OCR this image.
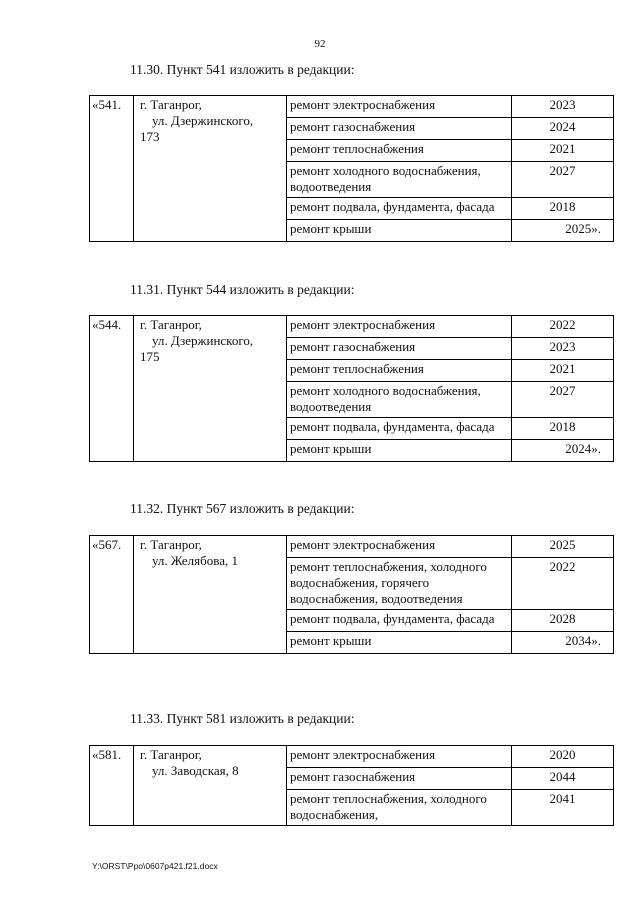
92
11.30. Пункт 541 изложить в редакции:
«541.	г. Таганрог,
ул. Дзержинского,
173	ремонт электроснабжения	2023
		ремонт газоснабжения	2024
		ремонт теплоснабжения	2021
		ремонт холодного водоснабжения, водоотведения	2027
		ремонт подвала, фундамента, фасада	2018
		ремонт крыши	2025».
11.31. Пункт 544 изложить в редакции:
«544.	г. Таганрог,
ул. Дзержинского,
175	ремонт электроснабжения	2022
		ремонт газоснабжения	2023
		ремонт теплоснабжения	2021
		ремонт холодного водоснабжения, водоотведения	2027
		ремонт подвала, фундамента, фасада	2018
		ремонт крыши	2024».
11.32. Пункт 567 изложить в редакции:
«567.	г. Таганрог,
ул. Желябова, 1	ремонт электроснабжения	2025
		ремонт теплоснабжения, холодного водоснабжения, горячего водоснабжения, водоотведения	2022
		ремонт подвала, фундамента, фасада	2028
		ремонт крыши	2034».
11.33. Пункт 581 изложить в редакции:
«581.	г. Таганрог,
ул. Заводская, 8	ремонт электроснабжения	2020
		ремонт газоснабжения	2044
		ремонт теплоснабжения, холодного водоснабжения,	2041
Y:\ORST\Ppo\0607p421.f21.docx
